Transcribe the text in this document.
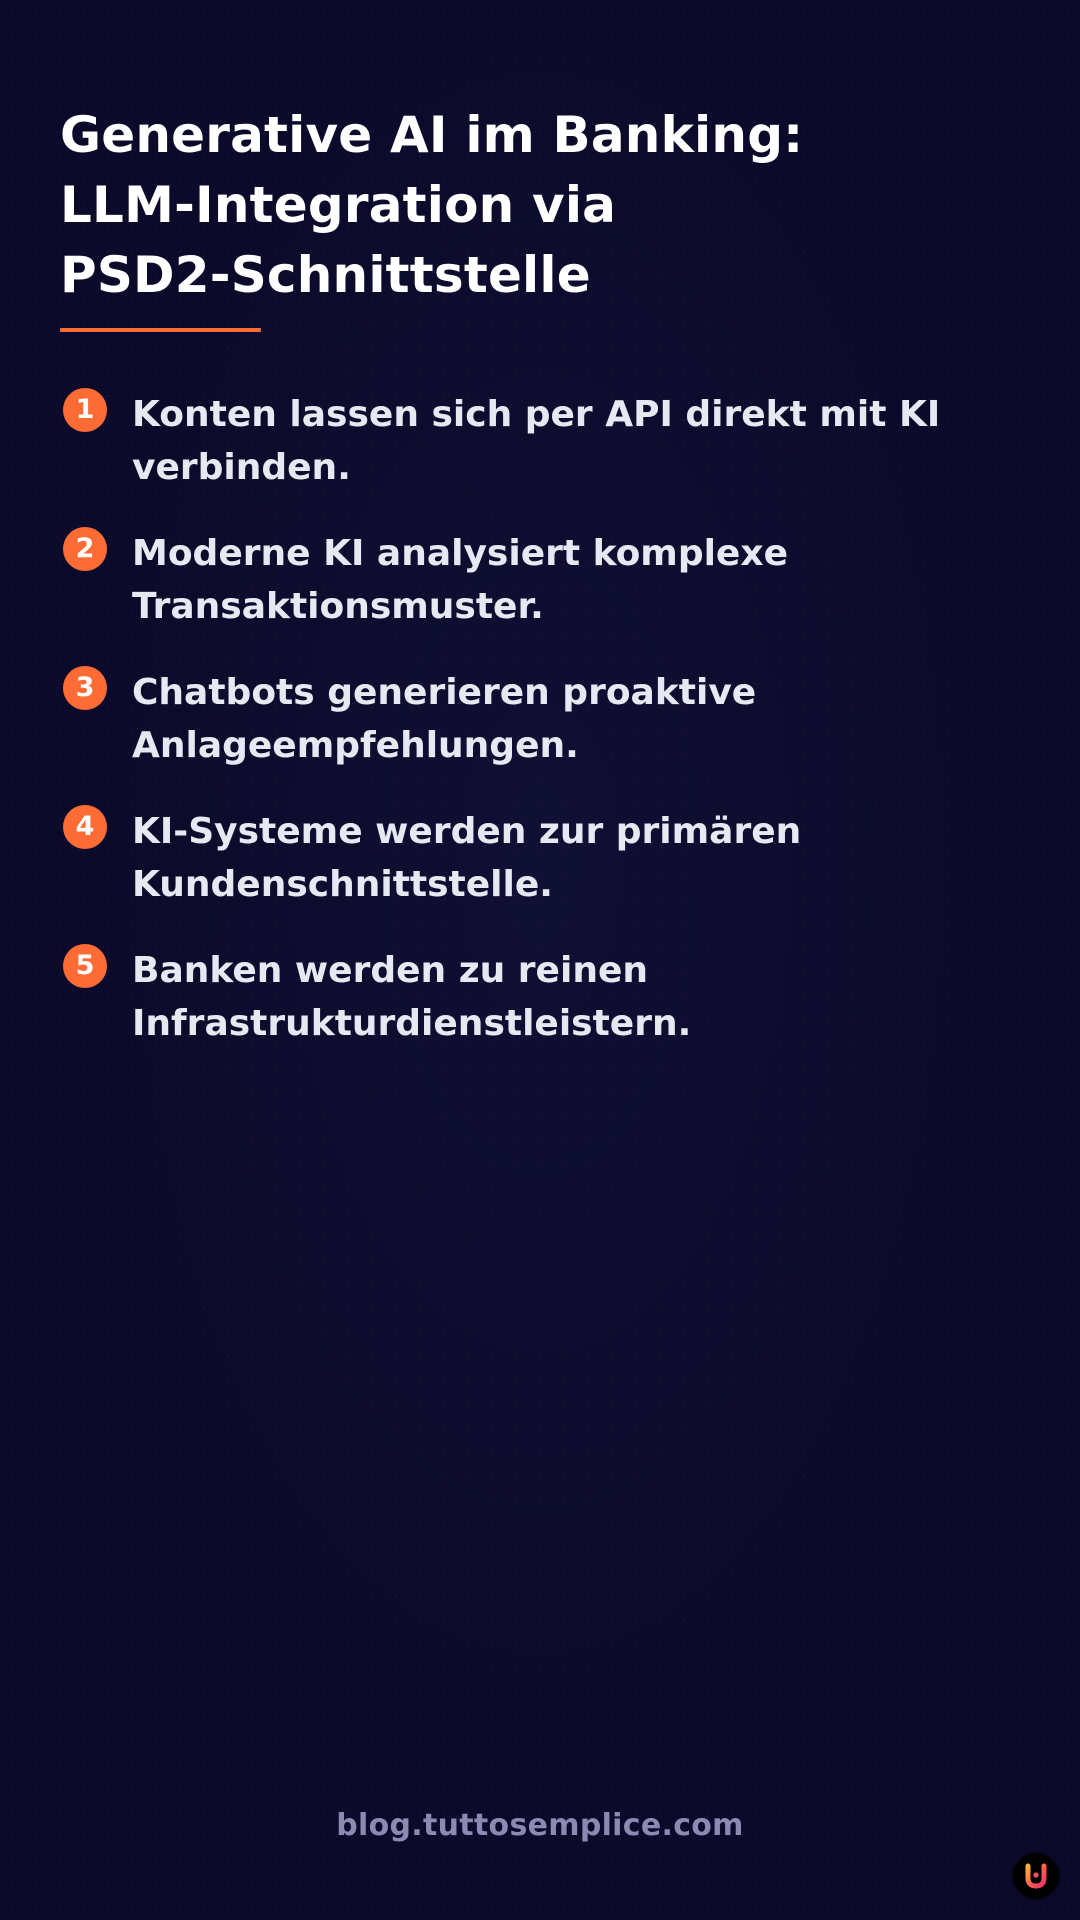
Generative AI im Banking:
LLM-Integration via
PSD2-Schnittstelle
1	Konten lassen sich per API direkt mit KI verbinden.
2	Moderne KI analysiert komplexe Transaktionsmuster.
3	Chatbots generieren proaktive Anlageempfehlungen.
4	KI-Systeme werden zur primären Kundenschnittstelle.
5	Banken werden zu reinen Infrastrukturdienstleistern.
blog.tuttosemplice.com
